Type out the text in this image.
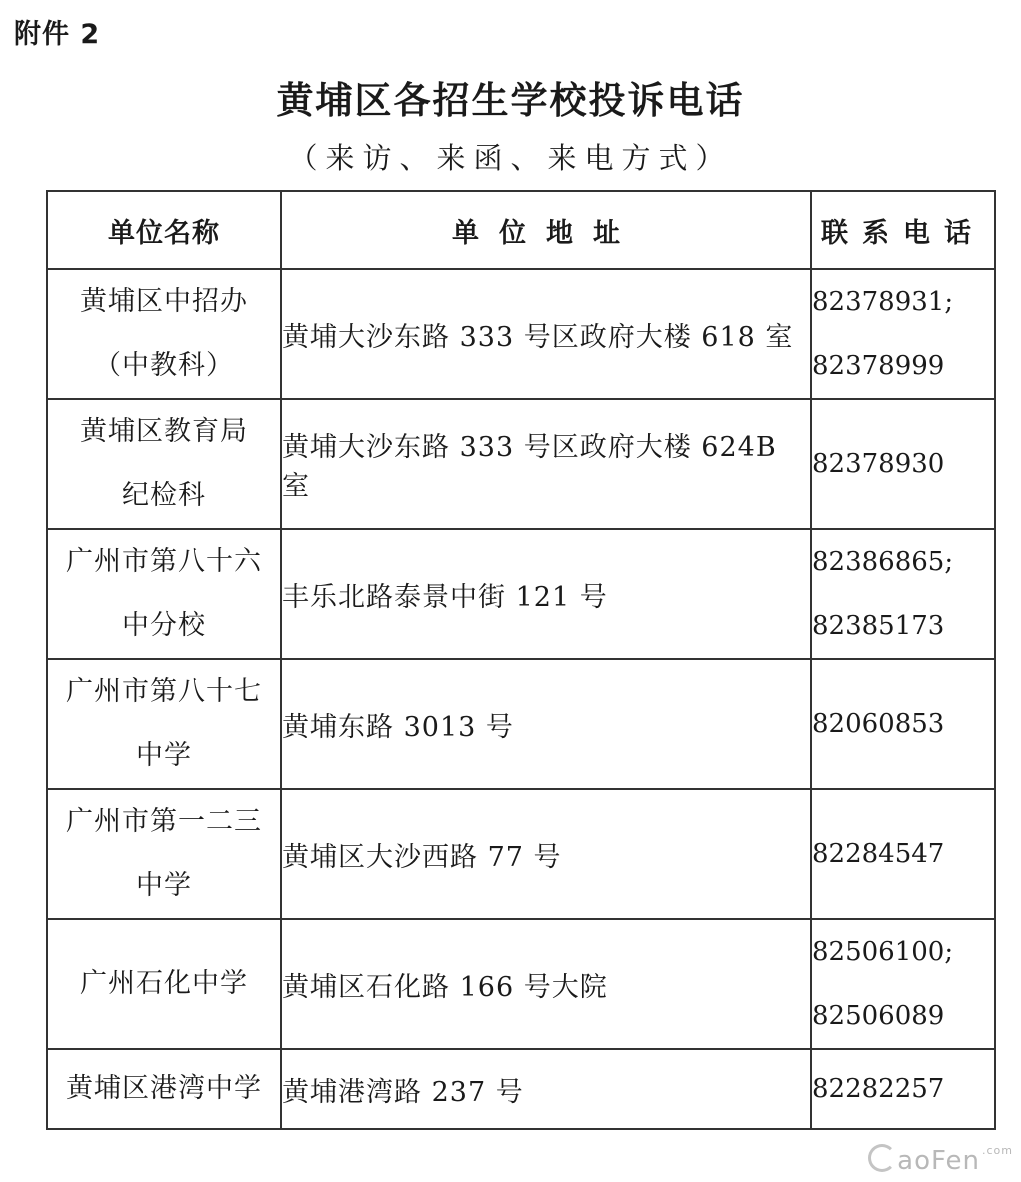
附件 2
黄埔区各招生学校投诉电话
（来访、来函、来电方式）
单位名称	单位地址	联系电话

黄埔区中招办
（中教科）	黄埔大沙东路 333 号区政府大楼 618 室	82378931;
82378999

黄埔区教育局
纪检科	黄埔大沙东路 333 号区政府大楼 624B 室	82378930

广州市第八十六
中分校	丰乐北路泰景中街 121 号	82386865;
82385173

广州市第八十七
中学	黄埔东路 3013 号	82060853

广州市第一二三
中学	黄埔区大沙西路 77 号	82284547

广州石化中学	黄埔区石化路 166 号大院	82506100;
82506089

黄埔区港湾中学	黄埔港湾路 237 号	82282257
aoFen $^{.com}$
